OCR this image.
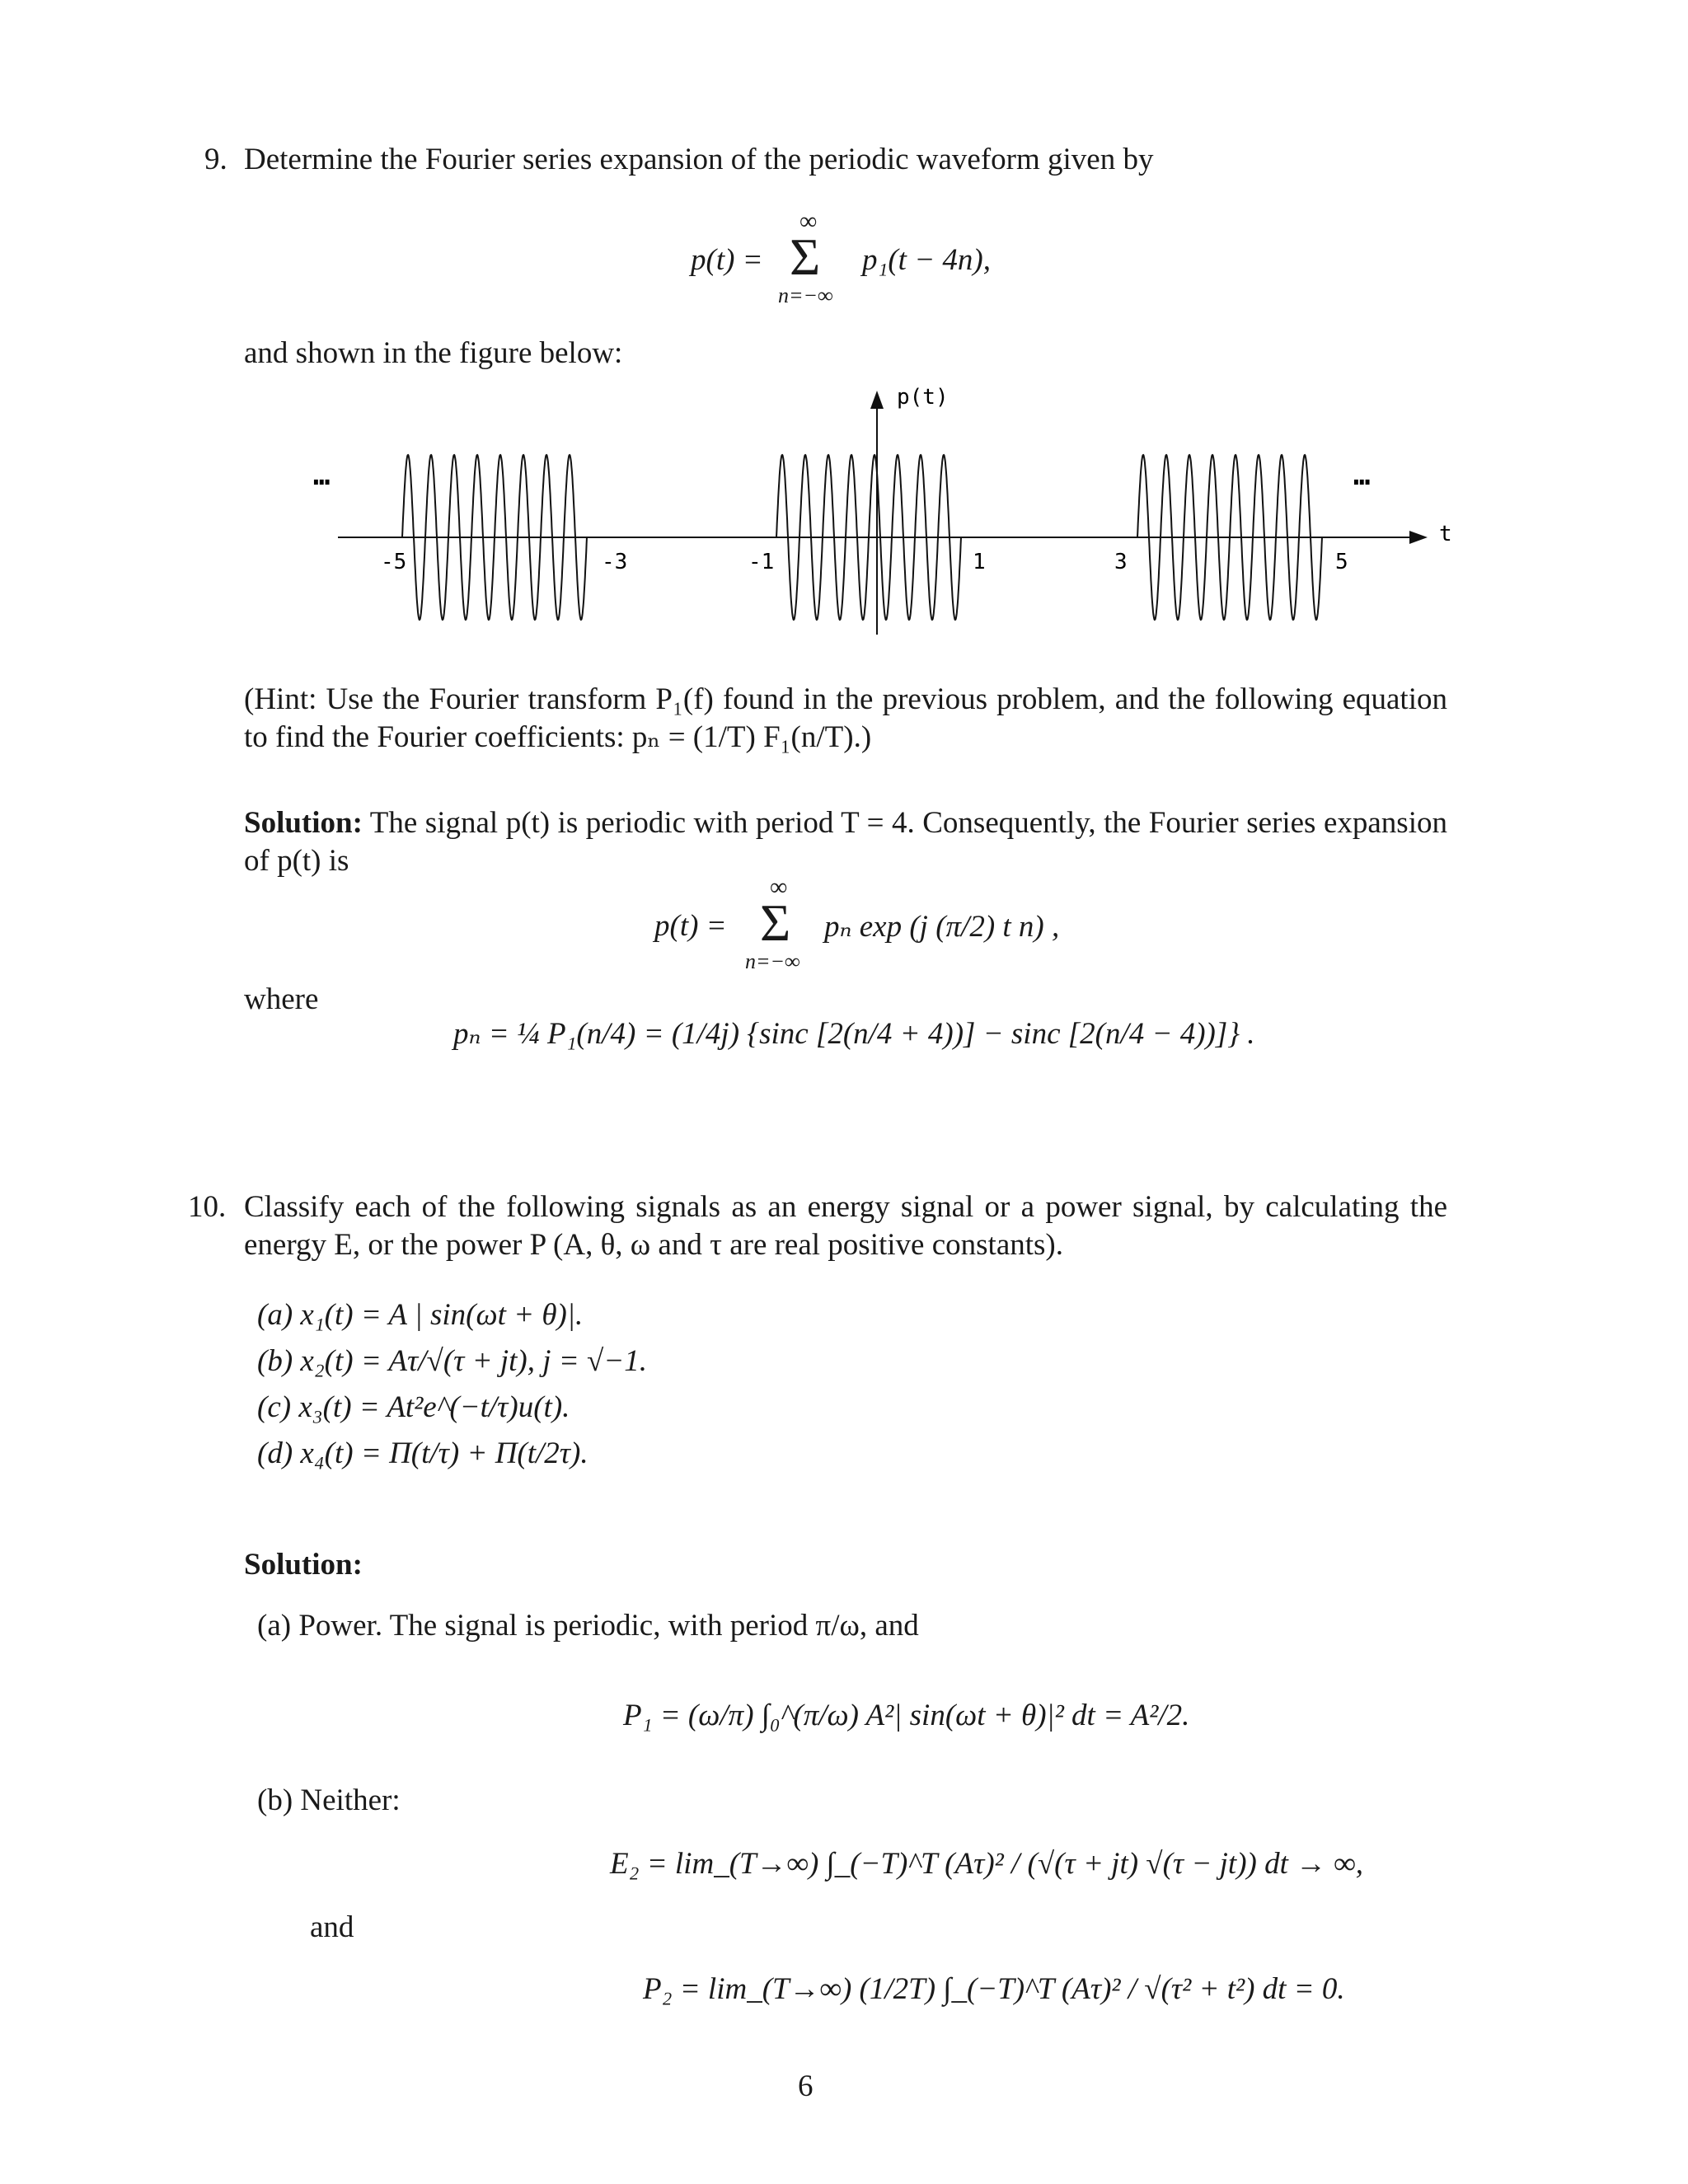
9. Determine the Fourier series expansion of the periodic waveform given by
p(t) =
∞
Σ
n=−∞
p₁(t − 4n),
and shown in the figure below:
p(t)
t
…	…
-5	-3	-1	1	3	5
(Hint: Use the Fourier transform P₁(f) found in the previous problem, and the following equation to find the Fourier coefficients: pₙ = (1/T) F₁(n/T).)
Solution: The signal p(t) is periodic with period T = 4. Consequently, the Fourier series expansion of p(t) is
p(t) =
∞
Σ
n=−∞
pₙ exp (j (π/2) t n) ,
where
pₙ = ¼ P₁(n/4) = (1/4j) {sinc [2(n/4 + 4))] − sinc [2(n/4 − 4))]} .
10. Classify each of the following signals as an energy signal or a power signal, by calculating the energy E, or the power P (A, θ, ω and τ are real positive constants).
(a) x₁(t) = A | sin(ωt + θ)|.
(b) x₂(t) = Aτ/√(τ + jt), j = √−1.
(c) x₃(t) = At²e^(−t/τ)u(t).
(d) x₄(t) = Π(t/τ) + Π(t/2τ).
Solution:
(a) Power. The signal is periodic, with period π/ω, and
P₁ = (ω/π) ∫₀^(π/ω) A²| sin(ωt + θ)|² dt = A²/2.
(b) Neither:
E₂ = lim_(T→∞) ∫_(−T)^T (Aτ)² / (√(τ + jt) √(τ − jt)) dt → ∞,
and
P₂ = lim_(T→∞) (1/2T) ∫_(−T)^T (Aτ)² / √(τ² + t²) dt = 0.
6
